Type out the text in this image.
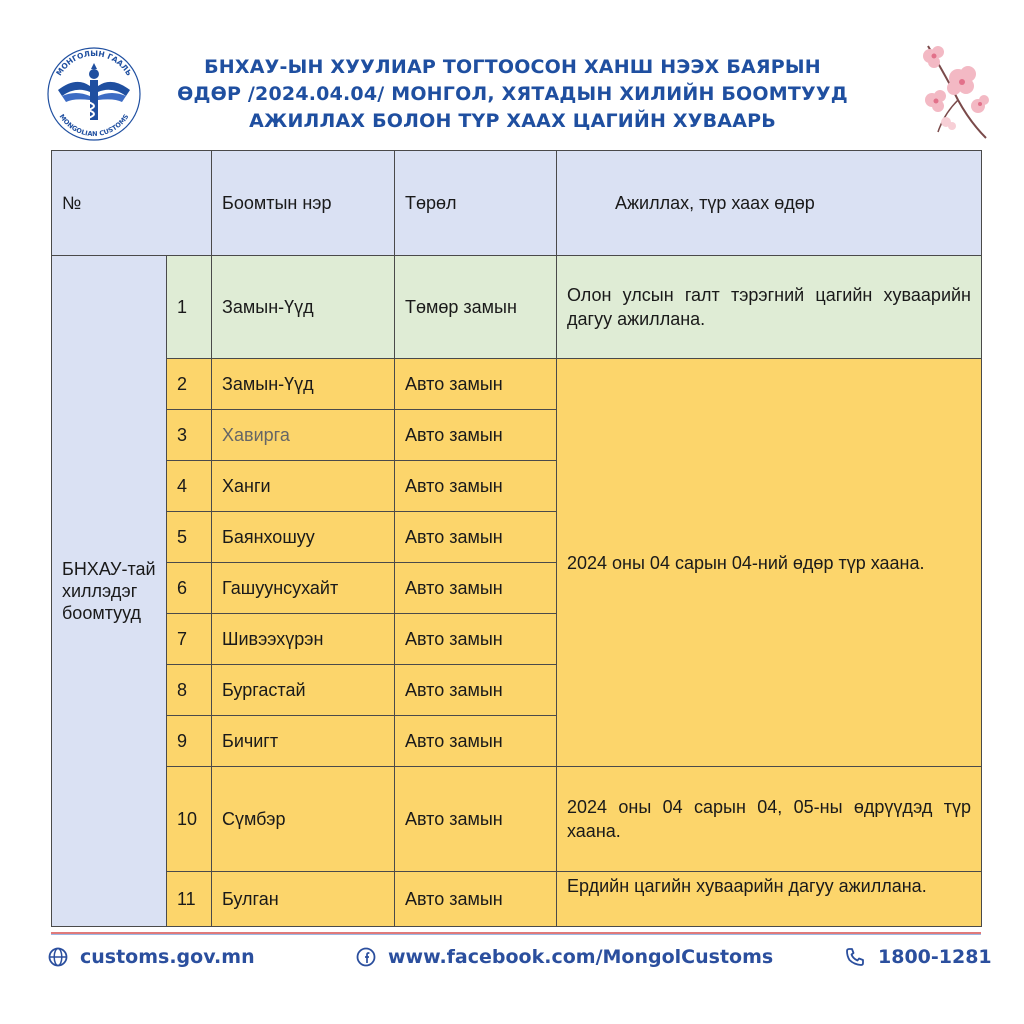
МОНГОЛЫН ГААЛЬ
MONGOLIAN CUSTOMS
БНХАУ-ЫН ХУУЛИАР ТОГТООСОН ХАНШ НЭЭХ БАЯРЫН
ӨДӨР /2024.04.04/ МОНГОЛ, ХЯТАДЫН ХИЛИЙН БООМТУУД
АЖИЛЛАХ БОЛОН ТҮР ХААХ ЦАГИЙН ХУВААРЬ
№		Боомтын нэр	Төрөл	Ажиллах, түр хаах өдөр
БНХАУ-тай хиллэдэг боомтууд	1	Замын-Үүд	Төмөр замын	Олон улсын галт тэрэгний цагийн хуваарийн дагуу ажиллана.
	2	Замын-Үүд	Авто замын	2024 оны 04 сарын 04-ний өдөр түр хаана.
	3	Хавирга	Авто замын	
	4	Ханги	Авто замын	
	5	Баянхошуу	Авто замын	
	6	Гашуунсухайт	Авто замын	
	7	Шивээхүрэн	Авто замын	
	8	Бургастай	Авто замын	
	9	Бичигт	Авто замын	
	10	Сүмбэр	Авто замын	2024 оны 04 сарын 04, 05-ны өдрүүдэд түр хаана.
	11	Булган	Авто замын	Ердийн цагийн хуваарийн дагуу ажиллана.
customs.gov.mn	www.facebook.com/MongolCustoms	1800-1281
